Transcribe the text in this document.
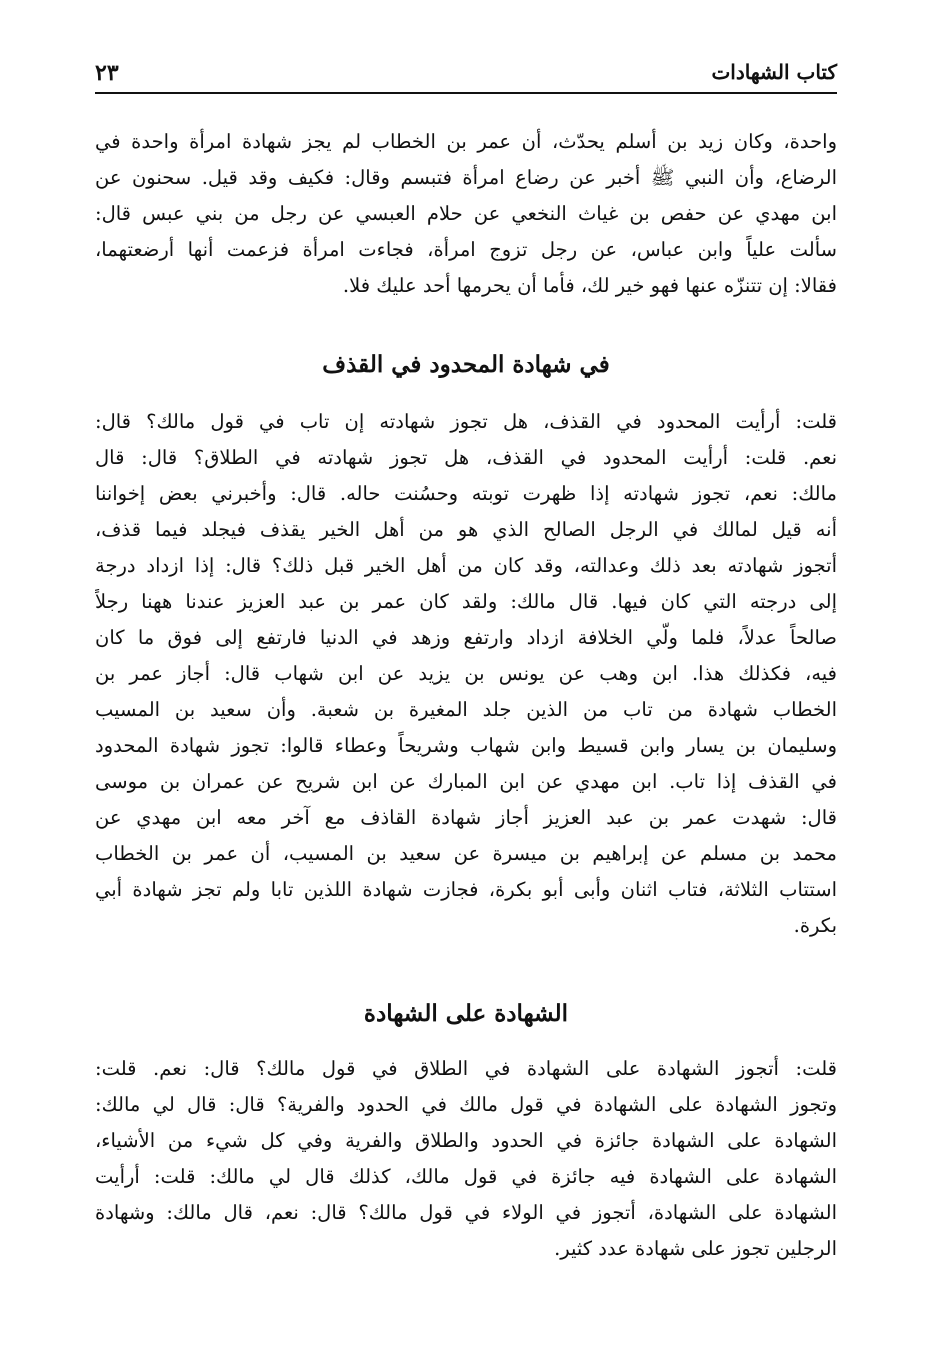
كتاب الشهادات
٢٣
واحدة، وكان زيد بن أسلم يحدّث، أن عمر بن الخطاب لم يجز شهادة امرأة واحدة في
الرضاع، وأن النبي ﷺ أخبر عن رضاع امرأة فتبسم وقال: فكيف وقد قيل. سحنون عن
ابن مهدي عن حفص بن غياث النخعي عن حلام العبسي عن رجل من بني عبس قال:
سألت علياً وابن عباس، عن رجل تزوج امرأة، فجاءت امرأة فزعمت أنها أرضعتهما،
فقالا: إن تتنزّه عنها فهو خير لك، فأما أن يحرمها أحد عليك فلا.
في شهادة المحدود في القذف
قلت: أرأيت المحدود في القذف، هل تجوز شهادته إن تاب في قول مالك؟ قال:
نعم. قلت: أرأيت المحدود في القذف، هل تجوز شهادته في الطلاق؟ قال: قال
مالك: نعم، تجوز شهادته إذا ظهرت توبته وحسُنت حاله. قال: وأخبرني بعض إخواننا
أنه قيل لمالك في الرجل الصالح الذي هو من أهل الخير يقذف فيجلد فيما قذف،
أتجوز شهادته بعد ذلك وعدالته، وقد كان من أهل الخير قبل ذلك؟ قال: إذا ازداد درجة
إلى درجته التي كان فيها. قال مالك: ولقد كان عمر بن عبد العزيز عندنا ههنا رجلاً
صالحاً عدلاً، فلما ولّي الخلافة ازداد وارتفع وزهد في الدنيا فارتفع إلى فوق ما كان
فيه، فكذلك هذا. ابن وهب عن يونس بن يزيد عن ابن شهاب قال: أجاز عمر بن
الخطاب شهادة من تاب من الذين جلد المغيرة بن شعبة. وأن سعيد بن المسيب
وسليمان بن يسار وابن قسيط وابن شهاب وشريحاً وعطاء قالوا: تجوز شهادة المحدود
في القذف إذا تاب. ابن مهدي عن ابن المبارك عن ابن شريح عن عمران بن موسى
قال: شهدت عمر بن عبد العزيز أجاز شهادة القاذف مع آخر معه ابن مهدي عن
محمد بن مسلم عن إبراهيم بن ميسرة عن سعيد بن المسيب، أن عمر بن الخطاب
استتاب الثلاثة، فتاب اثنان وأبى أبو بكرة، فجازت شهادة اللذين تابا ولم تجز شهادة أبي
بكرة.
الشهادة على الشهادة
قلت: أتجوز الشهادة على الشهادة في الطلاق في قول مالك؟ قال: نعم. قلت:
وتجوز الشهادة على الشهادة في قول مالك في الحدود والفرية؟ قال: قال لي مالك:
الشهادة على الشهادة جائزة في الحدود والطلاق والفرية وفي كل شيء من الأشياء،
الشهادة على الشهادة فيه جائزة في قول مالك، كذلك قال لي مالك: قلت: أرأيت
الشهادة على الشهادة، أتجوز في الولاء في قول مالك؟ قال: نعم، قال مالك: وشهادة
الرجلين تجوز على شهادة عدد كثير.
